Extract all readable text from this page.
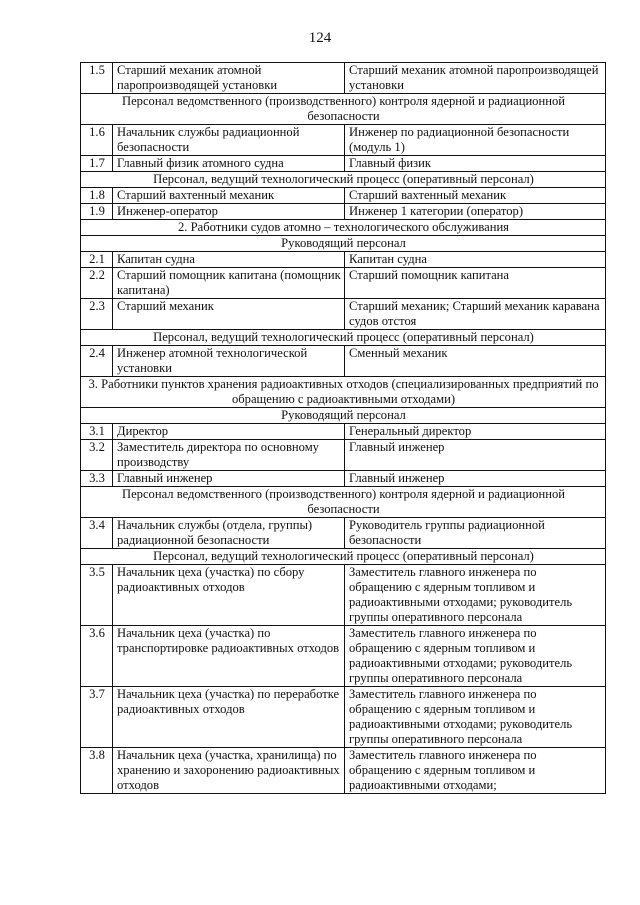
124
1.5	Старший механик атомной паропроизводящей установки	Старший механик атомной паропроизводящей установки
Персонал ведомственного (производственного) контроля ядерной и радиационной безопасности		
1.6	Начальник службы радиационной безопасности	Инженер по радиационной безопасности (модуль 1)
1.7	Главный физик атомного судна	Главный физик
Персонал, ведущий технологический процесс (оперативный персонал)		
1.8	Старший вахтенный механик	Старший вахтенный механик
1.9	Инженер-оператор	Инженер 1 категории (оператор)
2. Работники судов атомно – технологического обслуживания		
Руководящий персонал		
2.1	Капитан судна	Капитан судна
2.2	Старший помощник капитана (помощник капитана)	Старший помощник капитана
2.3	Старший механик	Старший механик; Старший механик каравана судов отстоя
Персонал, ведущий технологический процесс (оперативный персонал)		
2.4	Инженер атомной технологической установки	Сменный механик
3. Работники пунктов хранения радиоактивных отходов (специализированных предприятий по обращению с радиоактивными отходами)		
Руководящий персонал		
3.1	Директор	Генеральный директор
3.2	Заместитель директора по основному производству	Главный инженер
3.3	Главный инженер	Главный инженер
Персонал ведомственного (производственного) контроля ядерной и радиационной безопасности		
3.4	Начальник службы (отдела, группы) радиационной безопасности	Руководитель группы радиационной безопасности
Персонал, ведущий технологический процесс (оперативный персонал)		
3.5	Начальник цеха (участка) по сбору радиоактивных отходов	Заместитель главного инженера по обращению с ядерным топливом и радиоактивными отходами; руководитель группы оперативного персонала
3.6	Начальник цеха (участка) по транспортировке радиоактивных отходов	Заместитель главного инженера по обращению с ядерным топливом и радиоактивными отходами; руководитель группы оперативного персонала
3.7	Начальник цеха (участка) по переработке радиоактивных отходов	Заместитель главного инженера по обращению с ядерным топливом и радиоактивными отходами; руководитель группы оперативного персонала
3.8	Начальник цеха (участка, хранилища) по хранению и захоронению радиоактивных отходов	Заместитель главного инженера по обращению с ядерным топливом и радиоактивными отходами;
